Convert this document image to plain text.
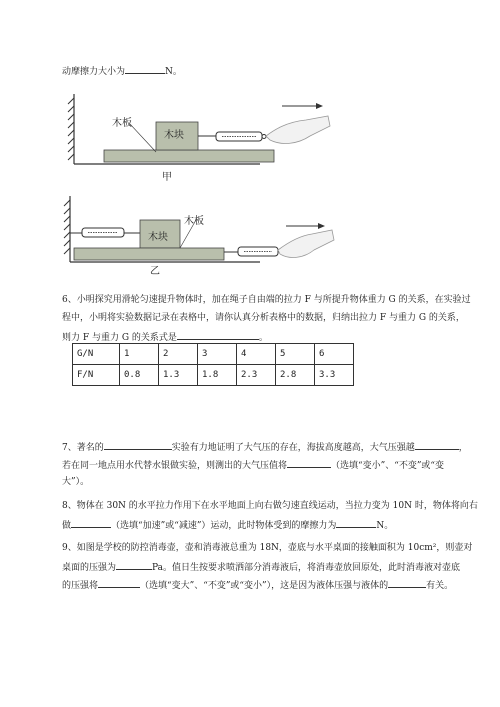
动摩擦力大小为	N。
木板
木块
甲
木块
木板
乙
6、小明探究用滑轮匀速提升物体时，加在绳子自由端的拉力 F 与所提升物体重力 G 的关系，在实验过
程中，小明将实验数据记录在表格中，请你认真分析表格中的数据，归纳出拉力 F 与重力 G 的关系，
则力 F 与重力 G 的关系式是	。
G/N	1	2	3	4	5	6
F/N	0.8	1.3	1.8	2.3	2.8	3.3
7、著名的	实验有力地证明了大气压的存在，海拔高度越高，大气压强越	，
若在同一地点用水代替水银做实验，则测出的大气压值将	（选填“变小”、“不变”或“变
大”）。
8、物体在 30N 的水平拉力作用下在水平地面上向右做匀速直线运动，当拉力变为 10N 时，物体将向右
做	（选填“加速”或“减速”）运动，此时物体受到的摩擦力为	N。
9、如图是学校的防控消毒壶，壶和消毒液总重为 18N，壶底与水平桌面的接触面积为 10cm²，则壶对
桌面的压强为	Pa。值日生按要求喷洒部分消毒液后，将消毒壶放回原处，此时消毒液对壶底
的压强将	（选填“变大”、“不变”或“变小”），这是因为液体压强与液体的	有关。
